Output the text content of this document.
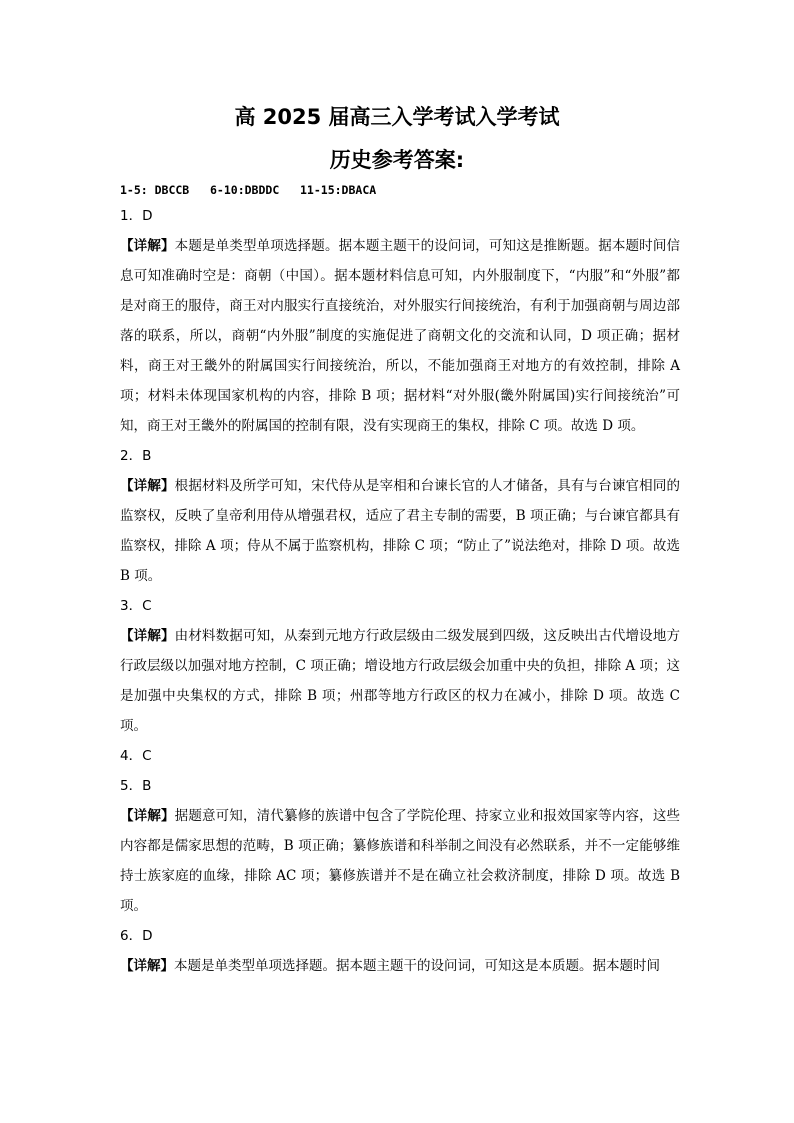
高 2025 届高三入学考试入学考试
历史参考答案:
1-5: DBCCB   6-10:DBDDC   11-15:DBACA

1．D

【详解】本题是单类型单项选择题。据本题主题干的设问词，可知这是推断题。据本题时间信息可知准确时空是：商朝（中国）。据本题材料信息可知，内外服制度下，“内服”和“外服”都是对商王的服侍，商王对内服实行直接统治，对外服实行间接统治，有利于加强商朝与周边部落的联系，所以，商朝“内外服”制度的实施促进了商朝文化的交流和认同，D 项正确；据材料，商王对王畿外的附属国实行间接统治，所以，不能加强商王对地方的有效控制，排除 A 项；材料未体现国家机构的内容，排除 B 项；据材料“对外服(畿外附属国)实行间接统治”可知，商王对王畿外的附属国的控制有限，没有实现商王的集权，排除 C 项。故选 D 项。

2．B

【详解】根据材料及所学可知，宋代侍从是宰相和台谏长官的人才储备，具有与台谏官相同的监察权，反映了皇帝利用侍从增强君权，适应了君主专制的需要，B 项正确；与台谏官都具有监察权，排除 A 项；侍从不属于监察机构，排除 C 项；“防止了”说法绝对，排除 D 项。故选 B 项。

3．C

【详解】由材料数据可知，从秦到元地方行政层级由二级发展到四级，这反映出古代增设地方行政层级以加强对地方控制，C 项正确；增设地方行政层级会加重中央的负担，排除 A 项；这是加强中央集权的方式，排除 B 项；州郡等地方行政区的权力在减小，排除 D 项。故选 C 项。

4．C

5．B

【详解】据题意可知，清代纂修的族谱中包含了学院伦理、持家立业和报效国家等内容，这些内容都是儒家思想的范畴，B 项正确；纂修族谱和科举制之间没有必然联系，并不一定能够维持士族家庭的血缘，排除 AC 项；纂修族谱并不是在确立社会救济制度，排除 D 项。故选 B 项。

6．D

【详解】本题是单类型单项选择题。据本题主题干的设问词，可知这是本质题。据本题时间
